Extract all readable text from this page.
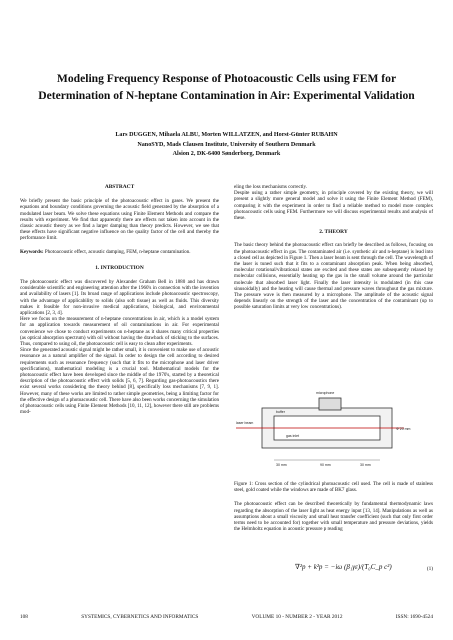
Modeling Frequency Response of Photoacoustic Cells using FEM for
Determination of N-heptane Contamination in Air: Experimental Validation
Lars DUGGEN, Mihaela ALBU, Morten WILLATZEN, and Horst-Günter RUBAHN
NanoSYD, Mads Clausen Institute, University of Southern Denmark
Alsion 2, DK-6400 Sønderborg, Denmark
ABSTRACT

We briefly present the basic principle of the photoacoustic effect in gases. We present the equations and boundary conditions governing the acoustic field generated by the absorption of a modulated laser beam. We solve these equations using Finite Element Methods and compare the results with experiment. We find that apparently there are effects not taken into account in the classic acoustic theory as we find a larger damping than theory predicts. However, we see that these effects have significant negative influence on the quality factor of the cell and thereby the performance limit.

Keywords: Photoacoustic effect, acoustic damping, FEM, n-heptane contamination.

1. INTRODUCTION

The photoacoustic effect was discovered by Alexander Graham Bell in 1880 and has drawn considerable scientific and engineering attention after the 1960's in connection with the invention and availability of lasers [1]. Its broad range of applications include photoacoustic spectroscopy, with the advantage of applicability to solids (also soft tissue) as well as fluids. This diversity makes it feasible for non-invasive medical applications, biological, and environmental applications [2, 3, 4].

Here we focus on the measurement of n-heptane concentrations in air, which is a model system for an application towards measurement of oil contaminations in air. For experimental convenience we chose to conduct experiments on n-heptane as it shares many critical properties (as optical absorption spectrum) with oil without having the drawback of sticking to the surfaces. Thus, compared to using oil, the photoacoustic cell is easy to clean after experiments.

Since the generated acoustic signal might be rather small, it is convenient to make use of acoustic resonance as a natural amplifier of the signal. In order to design the cell according to desired requirements such as resonance frequency (such that it fits to the microphone and laser driver specifications), mathematical modeling is a crucial tool. Mathematical models for the photoacoustic effect have been developed since the middle of the 1970's, started by a theoretical description of the photoacoustic effect with solids [5, 6, 7]. Regarding gas-photoacoustics there exist several works considering the theory behind [8], specifically loss mechanisms [7, 9, 1]. However, many of these works are limited to rather simple geometries, being a limiting factor for the effective design of a photoacoustic cell. There have also been works concerning the simulation of photoacoustic cells using Finite Element Methods [10, 11, 12], however there still are problems mod-

eling the loss mechanisms correctly.

Despite using a rather simple geometry, in principle covered by the existing theory, we will present a slightly more general model and solve it using the Finite Element Method (FEM), comparing it with the experiment in order to find a reliable method to model more complex photoacoustic cells using FEM. Furthermore we will discuss experimental results and analysis of these.

2. THEORY

The basic theory behind the photoacoustic effect can briefly be described as follows, focusing on the photoacoustic effect in gas. The contaminated air (i.e. synthetic air and n-heptane) is lead into a closed cell as depicted in Figure 1. Then a laser beam is sent through the cell. The wavelength of the laser is tuned such that it fits to a contaminant absorption peak. When being absorbed, molecular rotational/vibrational states are excited and these states are subsequently relaxed by molecular collisions, essentially heating up the gas in the small volume around the particular molecule that absorbed laser light. Finally the laser intensity is modulated (in this case sinusoidally) and the heating will cause thermal and pressure waves throughout the gas mixture. The pressure wave is then measured by a microphone. The amplitude of the acoustic signal depends linearly on the strength of the laser and the concentration of the contaminant (up to possible saturation limits at very low concentrations).

microphone
buffer
laser beam
gas inlet
Φ 20 mm
30 mm	90 mm	30 mm

Figure 1: Cross section of the cylindrical photoacoustic cell used. The cell is made of stainless steel, gold coated while the windows are made of BK7 glass.

The photoacoustic effect can be described theoretically by fundamental thermodynamic laws regarding the absorption of the laser light as heat energy input [13, 14]. Manipulations as well as assumptions about a small viscosity and small heat transfer coefficient (such that only first order terms need to be accounted for) together with small temperature and pressure deviations, yields the Helmholtz equation in acoustic pressure p reading

∇²p + k²p = −iω (β₁γε)/(T₀C_p c²)	(1)
108	SYSTEMICS, CYBERNETICS AND INFORMATICS	VOLUME 10 - NUMBER 2 - YEAR 2012	ISSN: 1690-4524
